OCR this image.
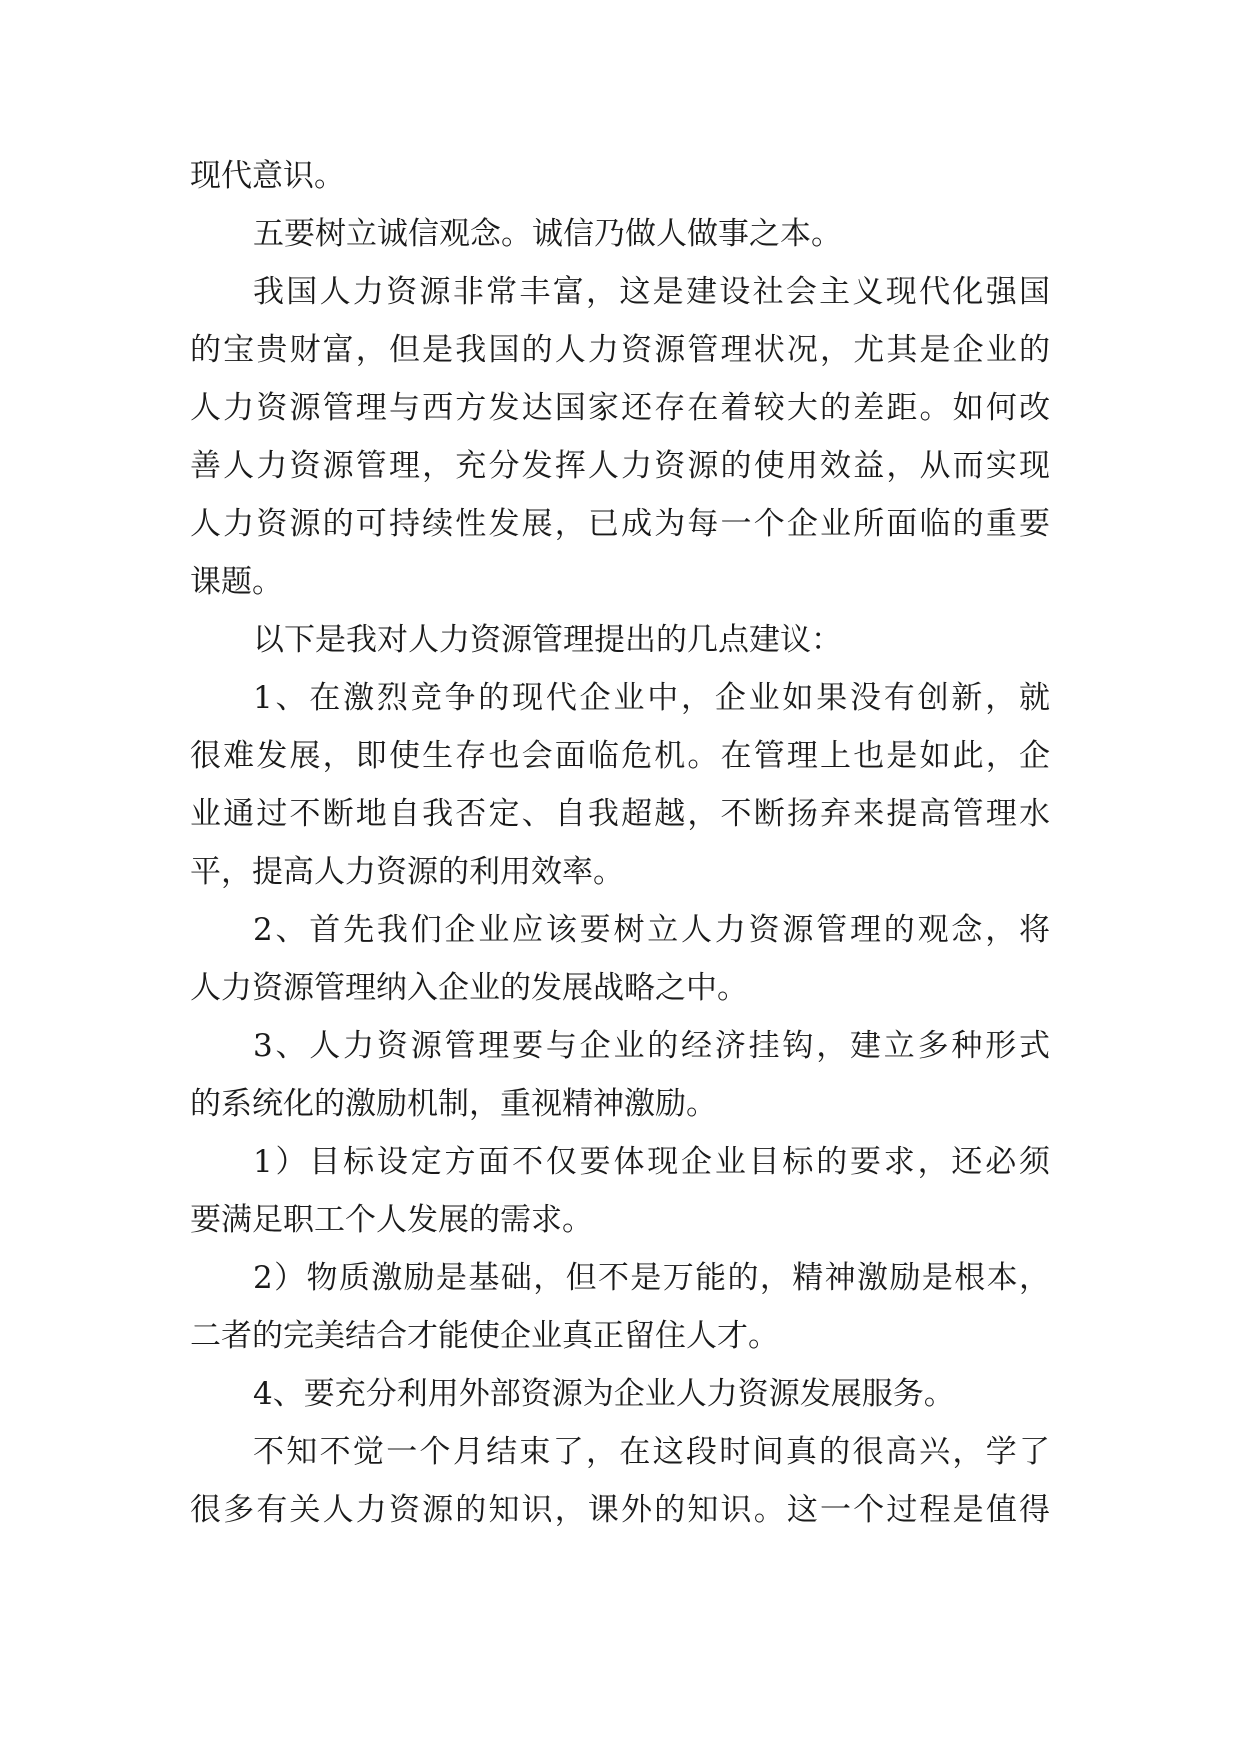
现代意识。
五要树立诚信观念。诚信乃做人做事之本。
我国人力资源非常丰富，这是建设社会主义现代化强国
的宝贵财富，但是我国的人力资源管理状况，尤其是企业的
人力资源管理与西方发达国家还存在着较大的差距。如何改
善人力资源管理，充分发挥人力资源的使用效益，从而实现
人力资源的可持续性发展，已成为每一个企业所面临的重要
课题。
以下是我对人力资源管理提出的几点建议：
1、在激烈竞争的现代企业中，企业如果没有创新，就
很难发展，即使生存也会面临危机。在管理上也是如此，企
业通过不断地自我否定、自我超越，不断扬弃来提高管理水
平，提高人力资源的利用效率。
2、首先我们企业应该要树立人力资源管理的观念，将
人力资源管理纳入企业的发展战略之中。
3、人力资源管理要与企业的经济挂钩，建立多种形式
的系统化的激励机制，重视精神激励。
1）目标设定方面不仅要体现企业目标的要求，还必须
要满足职工个人发展的需求。
2）物质激励是基础，但不是万能的，精神激励是根本，
二者的完美结合才能使企业真正留住人才。
4、要充分利用外部资源为企业人力资源发展服务。
不知不觉一个月结束了，在这段时间真的很高兴，学了
很多有关人力资源的知识，课外的知识。这一个过程是值得
